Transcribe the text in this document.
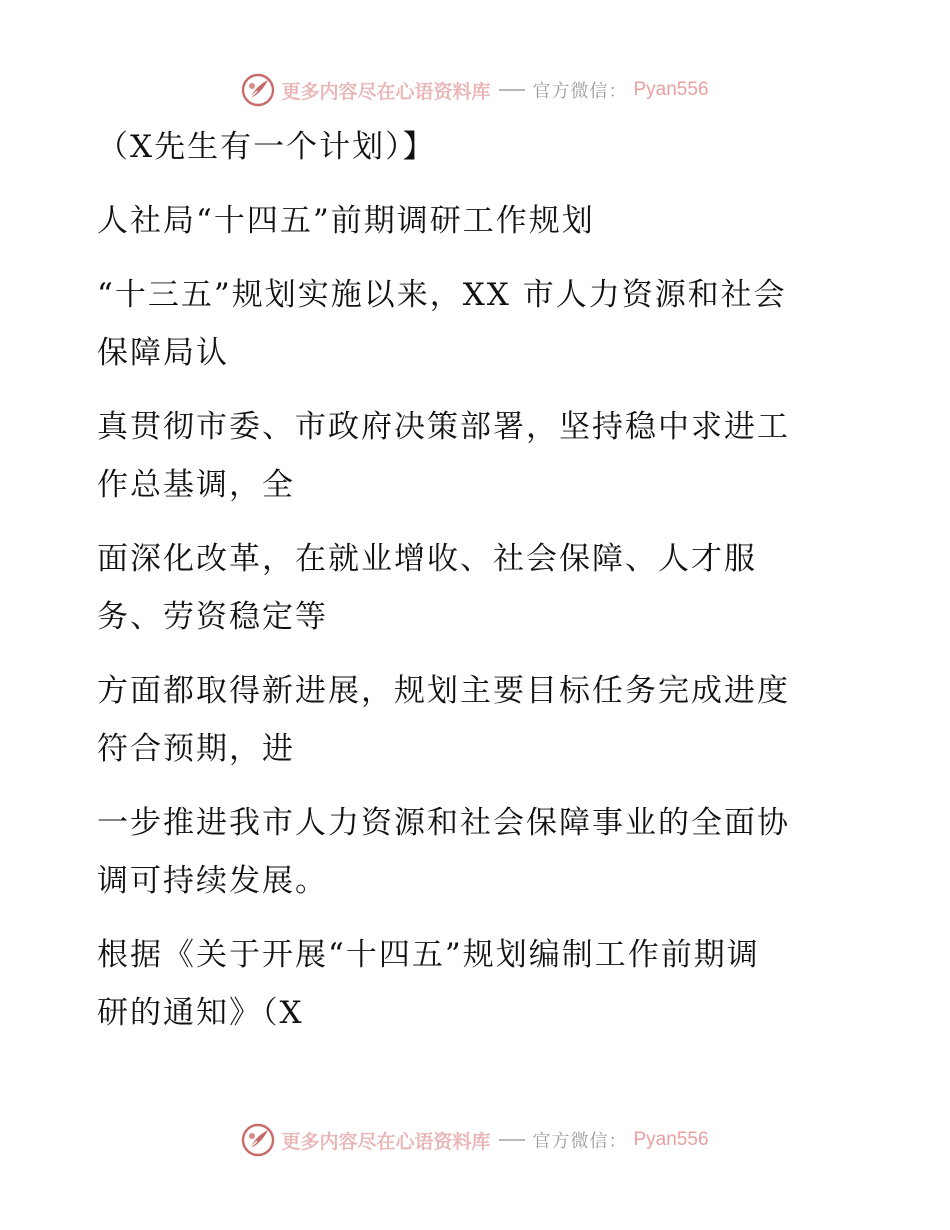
更多内容尽在心语资料库 官方微信： Pyan556
（X先生有一个计划）】
人社局“十四五”前期调研工作规划
“十三五”规划实施以来，XX 市人力资源和社会
保障局认
真贯彻市委、市政府决策部署，坚持稳中求进工
作总基调，全
面深化改革，在就业增收、社会保障、人才服
务、劳资稳定等
方面都取得新进展，规划主要目标任务完成进度
符合预期，进
一步推进我市人力资源和社会保障事业的全面协
调可持续发展。
根据《关于开展“十四五”规划编制工作前期调
研的通知》（X
更多内容尽在心语资料库 官方微信： Pyan556
